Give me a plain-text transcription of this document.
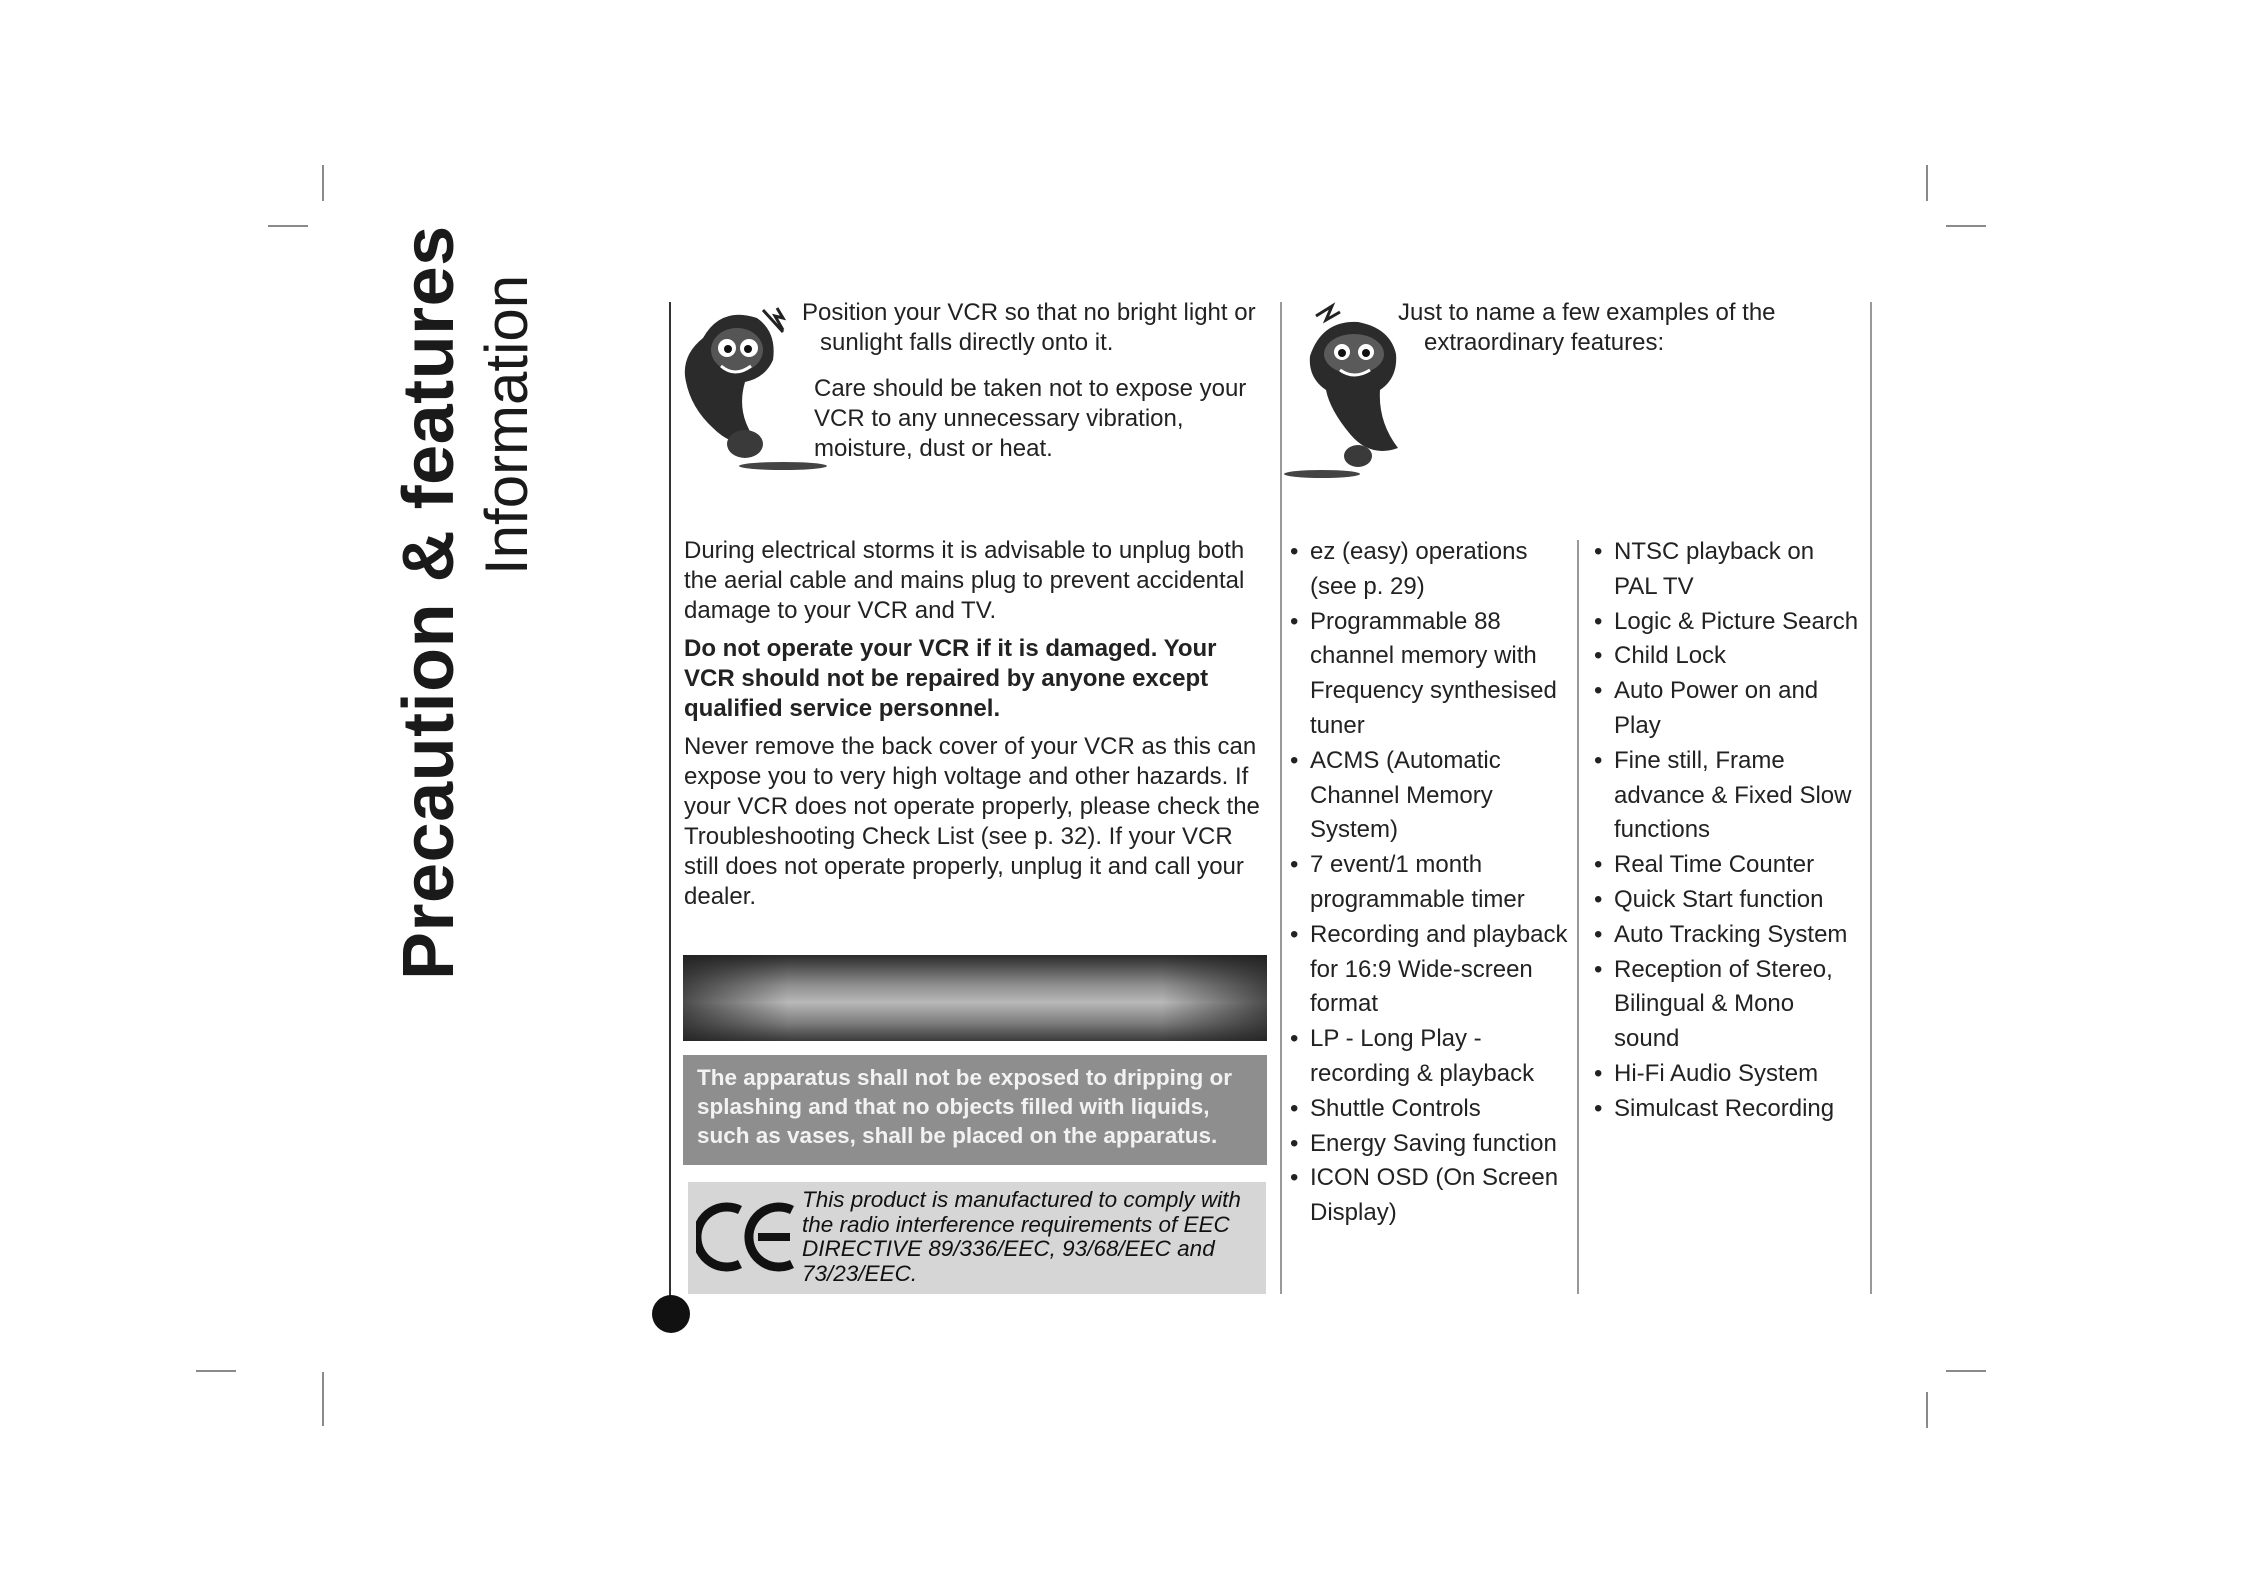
Precaution & features Information	Position your VCR so that no bright light or sunlight falls directly onto it.
Care should be taken not to expose your VCR to any unnecessary vibration, moisture, dust or heat.

During electrical storms it is advisable to unplug both the aerial cable and mains plug to prevent accidental damage to your VCR and TV.

Do not operate your VCR if it is damaged. Your VCR should not be repaired by anyone except qualified service personnel.

Never remove the back cover of your VCR as this can expose you to very high voltage and other hazards. If your VCR does not operate properly, please check the Troubleshooting Check List (see p. 32). If your VCR still does not operate properly, unplug it and call your dealer.

The apparatus shall not be exposed to dripping or splashing and that no objects filled with liquids, such as vases, shall be placed on the apparatus.
This product is manufactured to comply with the radio interference requirements of EEC DIRECTIVE 89/336/EEC, 93/68/EEC and 73/23/EEC.
Just to name a few examples of the extraordinary features:
• ez (easy) operations (see p. 29)
• Programmable 88 channel memory with Frequency synthesised tuner
• ACMS (Automatic Channel Memory System)
• 7 event/1 month programmable timer
• Recording and playback for 16:9 Wide-screen format
• LP - Long Play - recording & playback
• Shuttle Controls
• Energy Saving function
• ICON OSD (On Screen Display)
• NTSC playback on PAL TV
• Logic & Picture Search
• Child Lock
• Auto Power on and Play
• Fine still, Frame advance & Fixed Slow functions
• Real Time Counter
• Quick Start function
• Auto Tracking System
• Reception of Stereo, Bilingual & Mono sound
• Hi-Fi Audio System
• Simulcast Recording
